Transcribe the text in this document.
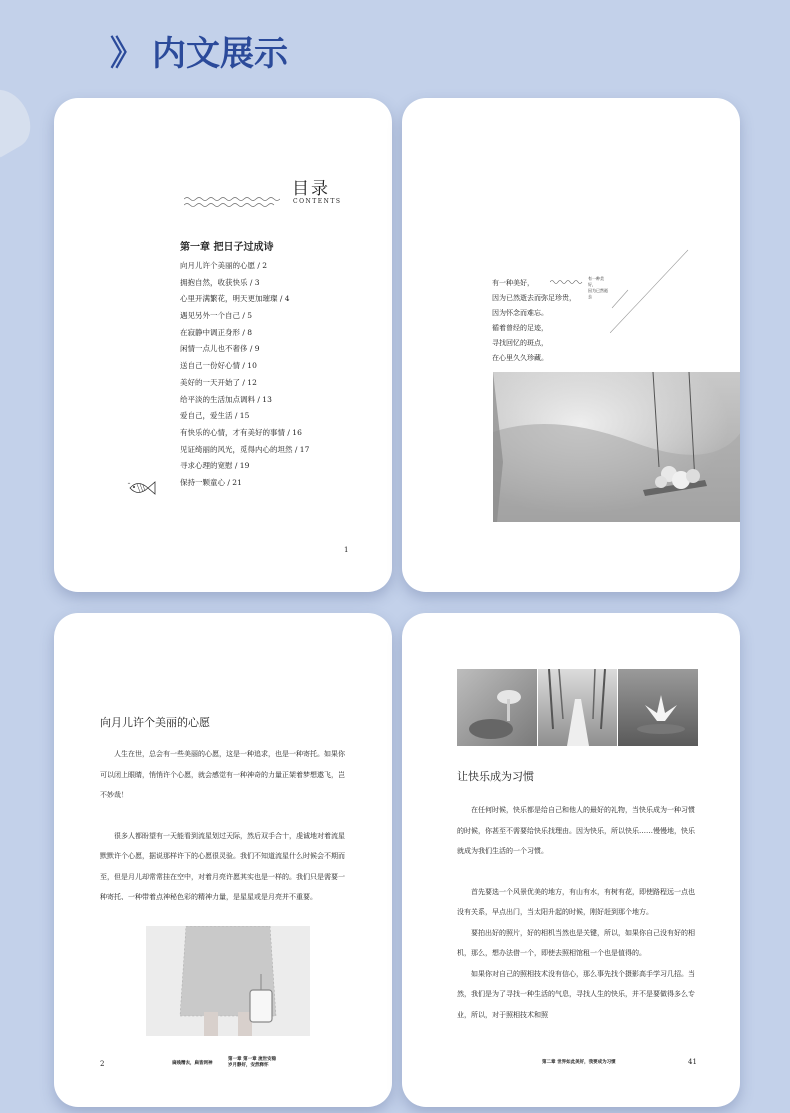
》 内文展示
目录
CONTENTS
第一章 把日子过成诗
向月儿许个美丽的心愿 / 2
拥抱自然，收获快乐 / 3
心里开满繁花，明天更加璀璨 / 4
遇见另外一个自己 / 5
在寂静中调正身形 / 8
闲情一点儿也不奢侈 / 9
送自己一份好心情 / 10
美好的一天开始了 / 12
给平淡的生活加点调料 / 13
爱自己，爱生活 / 15
有快乐的心情，才有美好的事情 / 16
见证绮丽的风光，觅得内心的坦然 / 17
寻求心理的宽慰 / 19
保持一颗童心 / 21
1
有一种美好，
因为已然逝去而弥足珍贵，
因为怀念而难忘。
循着曾经的足迹，
寻找回忆的斑点，
在心里久久珍藏。
有一种美好，
因为已然逝去
向月儿许个美丽的心愿

人生在世，总会有一些美丽的心愿，这是一种追求，也是一种寄托。如果你可以闭上眼睛，悄悄许个心愿，就会感觉有一种神奇的力量正架着梦想遨飞，岂不妙哉！

很多人都盼望有一天能看到流星划过天际，然后双手合十，虔诚地对着流星默默许个心愿，据说那样许下的心愿很灵验。我们不知道流星什么时候会不期而至，但是月儿却常常挂在空中，对着月亮许愿其实也是一样的。我们只是需要一种寄托、一种带着点神秘色彩的精神力量，是星星或是月亮并不重要。

2	扁贱精去，扁皆网神
第一章 第一章 流世安稳
岁月静好，安然释怀
让快乐成为习惯

在任何时候，快乐都是给自己和他人的最好的礼物，当快乐成为一种习惯的时候，你甚至不需要给快乐找理由。因为快乐，所以快乐……慢慢地，快乐就成为我们生活的一个习惯。

首先要选一个风景优美的地方，有山有水，有树有花，即使路程远一点也没有关系，早点出门，当太阳升起的时候，刚好赶到那个地方。

要拍出好的照片，好的相机当然也是关键，所以，如果你自己没有好的相机，那么，想办法借一个，即使去照相馆租一个也是值得的。

如果你对自己的照相技术没有信心，那么事先找个摄影高手学习几招。当然，我们是为了寻找一种生活的气息，寻找人生的快乐，并不是要做得多么专业，所以，对于照相技术和照

第二章 世界如此美好，我要成为习惯	41
